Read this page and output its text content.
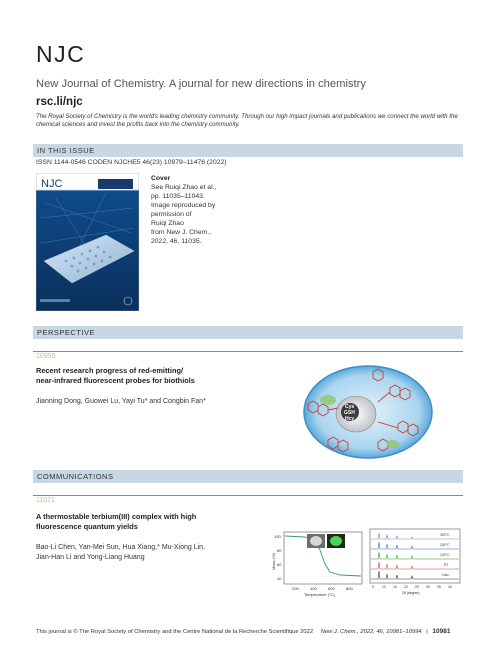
NJC
New Journal of Chemistry. A journal for new directions in chemistry
rsc.li/njc
The Royal Society of Chemistry is the world's leading chemistry community. Through our high impact journals and publications we connect the world with the chemical sciences and invest the profits back into the chemistry community.
IN THIS ISSUE
ISSN 1144-0546 CODEN NJCHE5 46(23) 10979–11476 (2022)
NJC	Cover
See Ruiqi Zhao et al.,
pp. 11035–11043.
Image reproduced by
permission of
Ruiqi Zhao
from New J. Chem.,
2022, 46, 11035.
PERSPECTIVE
10995
Recent research progress of red-emitting/
near-infrared fluorescent probes for biothiols
Jianning Dong, Guowei Lu, Yayi Tu* and Congbin Fan*
Cys
GSH
Hcy
COMMUNICATIONS
11021
A thermostable terbium(III) complex with high
fluorescence quantum yields
Bao-Li Chen, Yan-Mei Sun, Hua Xiang,* Mu-Xiong Lin,
Jian-Han Li and Yong-Liang Huang
100
80
60
40
200	400	600	800
Temperature (°C)
Mass (%)
300°C
200°C
100°C
RT
Calc.
5 10 15 20 25 30 35 40
2θ (degree)
This journal is © The Royal Society of Chemistry and the Centre National de la Recherche Scientifique 2022 New J. Chem., 2022, 46, 10981–10994 | 10981
